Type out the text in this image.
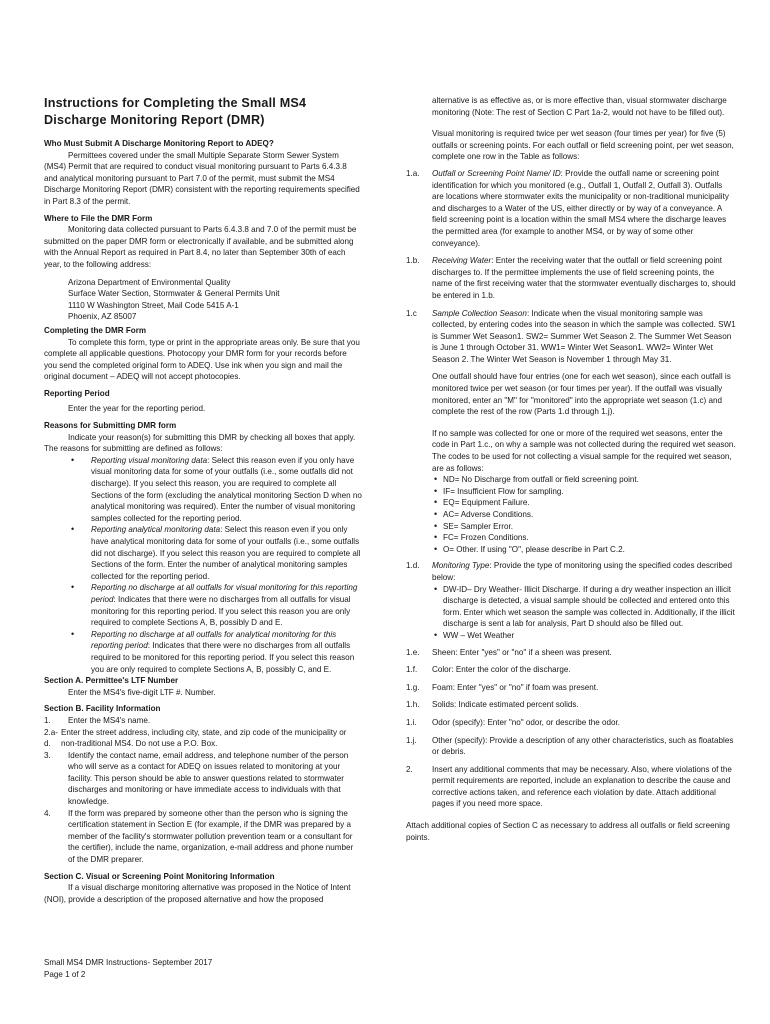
Instructions for Completing the Small MS4 Discharge Monitoring Report (DMR)

Who Must Submit A Discharge Monitoring Report to ADEQ?

Permittees covered under the small Multiple Separate Storm Sewer System (MS4) Permit that are required to conduct visual monitoring pursuant to Parts 6.4.3.8 and analytical monitoring pursuant to Part 7.0 of the permit, must submit the MS4 Discharge Monitoring Report (DMR) consistent with the reporting requirements specified in Part 8.3 of the permit.

Where to File the DMR Form

Monitoring data collected pursuant to Parts 6.4.3.8 and 7.0 of the permit must be submitted on the paper DMR form or electronically if available, and be submitted along with the Annual Report as required in Part 8.4, no later than September 30th of each year, to the following address:

Arizona Department of Environmental Quality
Surface Water Section, Stormwater & General Permits Unit
1110 W Washington Street, Mail Code 5415 A-1
Phoenix, AZ 85007

Completing the DMR Form

To complete this form, type or print in the appropriate areas only. Be sure that you complete all applicable questions. Photocopy your DMR form for your records before you send the completed original form to ADEQ. Use ink when you sign and mail the original document – ADEQ will not accept photocopies.

Reporting Period

Enter the year for the reporting period.

Reasons for Submitting DMR form

Indicate your reason(s) for submitting this DMR by checking all boxes that apply. The reasons for submitting are defined as follows:

• Reporting visual monitoring data: Select this reason even if you only have visual monitoring data for some of your outfalls (i.e., some outfalls did not discharge). If you select this reason, you are required to complete all Sections of the form (excluding the analytical monitoring Section D when no analytical monitoring was required). Enter the number of visual monitoring samples collected for the reporting period.
• Reporting analytical monitoring data: Select this reason even if you only have analytical monitoring data for some of your outfalls (i.e., some outfalls did not discharge). If you select this reason you are required to complete all Sections of the form. Enter the number of analytical monitoring samples collected for the reporting period.
• Reporting no discharge at all outfalls for visual monitoring for this reporting period: Indicates that there were no discharges from all outfalls for visual monitoring for this reporting period. If you select this reason you are only required to complete Sections A, B, possibly D and E.
• Reporting no discharge at all outfalls for analytical monitoring for this reporting period: Indicates that there were no discharges from all outfalls required to be monitored for this reporting period. If you select this reason you are only required to complete Sections A, B, possibly C, and E.

Section A. Permittee's LTF Number

Enter the MS4's five-digit LTF #. Number.

Section B. Facility Information

1.	Enter the MS4's name.
2.a-d.
Enter the street address, including city, state, and zip code of the municipality or non-traditional MS4. Do not use a P.O. Box.
3.	Identify the contact name, email address, and telephone number of the person who will serve as a contact for ADEQ on issues related to monitoring at your facility. This person should be able to answer questions related to stormwater discharges and monitoring or have immediate access to individuals with that knowledge.
4.	If the form was prepared by someone other than the person who is signing the certification statement in Section E (for example, if the DMR was prepared by a member of the facility's stormwater pollution prevention team or a consultant for the certifier), include the name, organization, e-mail address and phone number of the DMR preparer.

Section C. Visual or Screening Point Monitoring Information

If a visual discharge monitoring alternative was proposed in the Notice of Intent (NOI), provide a description of the proposed alternative and how the proposed

alternative is as effective as, or is more effective than, visual stormwater discharge monitoring (Note: The rest of Section C Part 1a-2, would not have to be filled out).

Visual monitoring is required twice per wet season (four times per year) for five (5) outfalls or screening points. For each outfall or field screening point, per wet season, complete one row in the Table as follows:

1.a.	Outfall or Screening Point Name/ ID: Provide the outfall name or screening point identification for which you monitored (e.g., Outfall 1, Outfall 2, Outfall 3). Outfalls are locations where stormwater exits the municipality or non-traditional municipality and discharges to a Water of the US, either directly or by way of a conveyance. A field screening point is a location within the small MS4 where the discharge leaves the permitted area (for example to another MS4, or by way of some other conveyance).
1.b.	Receiving Water: Enter the receiving water that the outfall or field screening point discharges to. If the permittee implements the use of field screening points, the name of the first receiving water that the stormwater eventually discharges to, should be entered in 1.b.
1.c	Sample Collection Season: Indicate when the visual monitoring sample was collected, by entering codes into the season in which the sample was collected. SW1 is Summer Wet Season1. SW2= Summer Wet Season 2. The Summer Wet Season is June 1 through October 31. WW1= Winter Wet Season1. WW2= Winter Wet Season 2. The Winter Wet Season is November 1 through May 31.

One outfall should have four entries (one for each wet season), since each outfall is monitored twice per wet season (or four times per year). If the outfall was visually monitored, enter an "M" for "monitored" into the appropriate wet season (1.c) and complete the rest of the row (Parts 1.d through 1.j).

If no sample was collected for one or more of the required wet seasons, enter the code in Part 1.c., on why a sample was not collected during the required wet season. The codes to be used for not collecting a visual sample for the required wet season, are as follows:

• ND= No Discharge from outfall or field screening point.
• IF= Insufficient Flow for sampling.
• EQ= Equipment Failure.
• AC= Adverse Conditions.
• SE= Sampler Error.
• FC= Frozen Conditions.
• O= Other. If using "O", please describe in Part C.2.
1.d.	Monitoring Type: Provide the type of monitoring using the specified codes described below:
• DW-ID– Dry Weather- Illicit Discharge. If during a dry weather inspection an illicit discharge is detected, a visual sample should be collected and entered onto this form. Enter which wet season the sample was collected in. Additionally, if the illicit discharge is sent a lab for analysis, Part D should also be filled out.
• WW – Wet Weather
1.e.	Sheen: Enter "yes" or "no" if a sheen was present.
1.f.	Color: Enter the color of the discharge.
1.g.	Foam: Enter "yes" or "no" if foam was present.
1.h.	Solids: Indicate estimated percent solids.
1.i.	Odor (specify): Enter "no" odor, or describe the odor.
1.j.	Other (specify): Provide a description of any other characteristics, such as floatables or debris.
2.	Insert any additional comments that may be necessary. Also, where violations of the permit requirements are reported, include an explanation to describe the cause and corrective actions taken, and reference each violation by date. Attach additional pages if you need more space.

Attach additional copies of Section C as necessary to address all outfalls or field screening points.

Small MS4 DMR Instructions- September 2017
Page 1 of 2
